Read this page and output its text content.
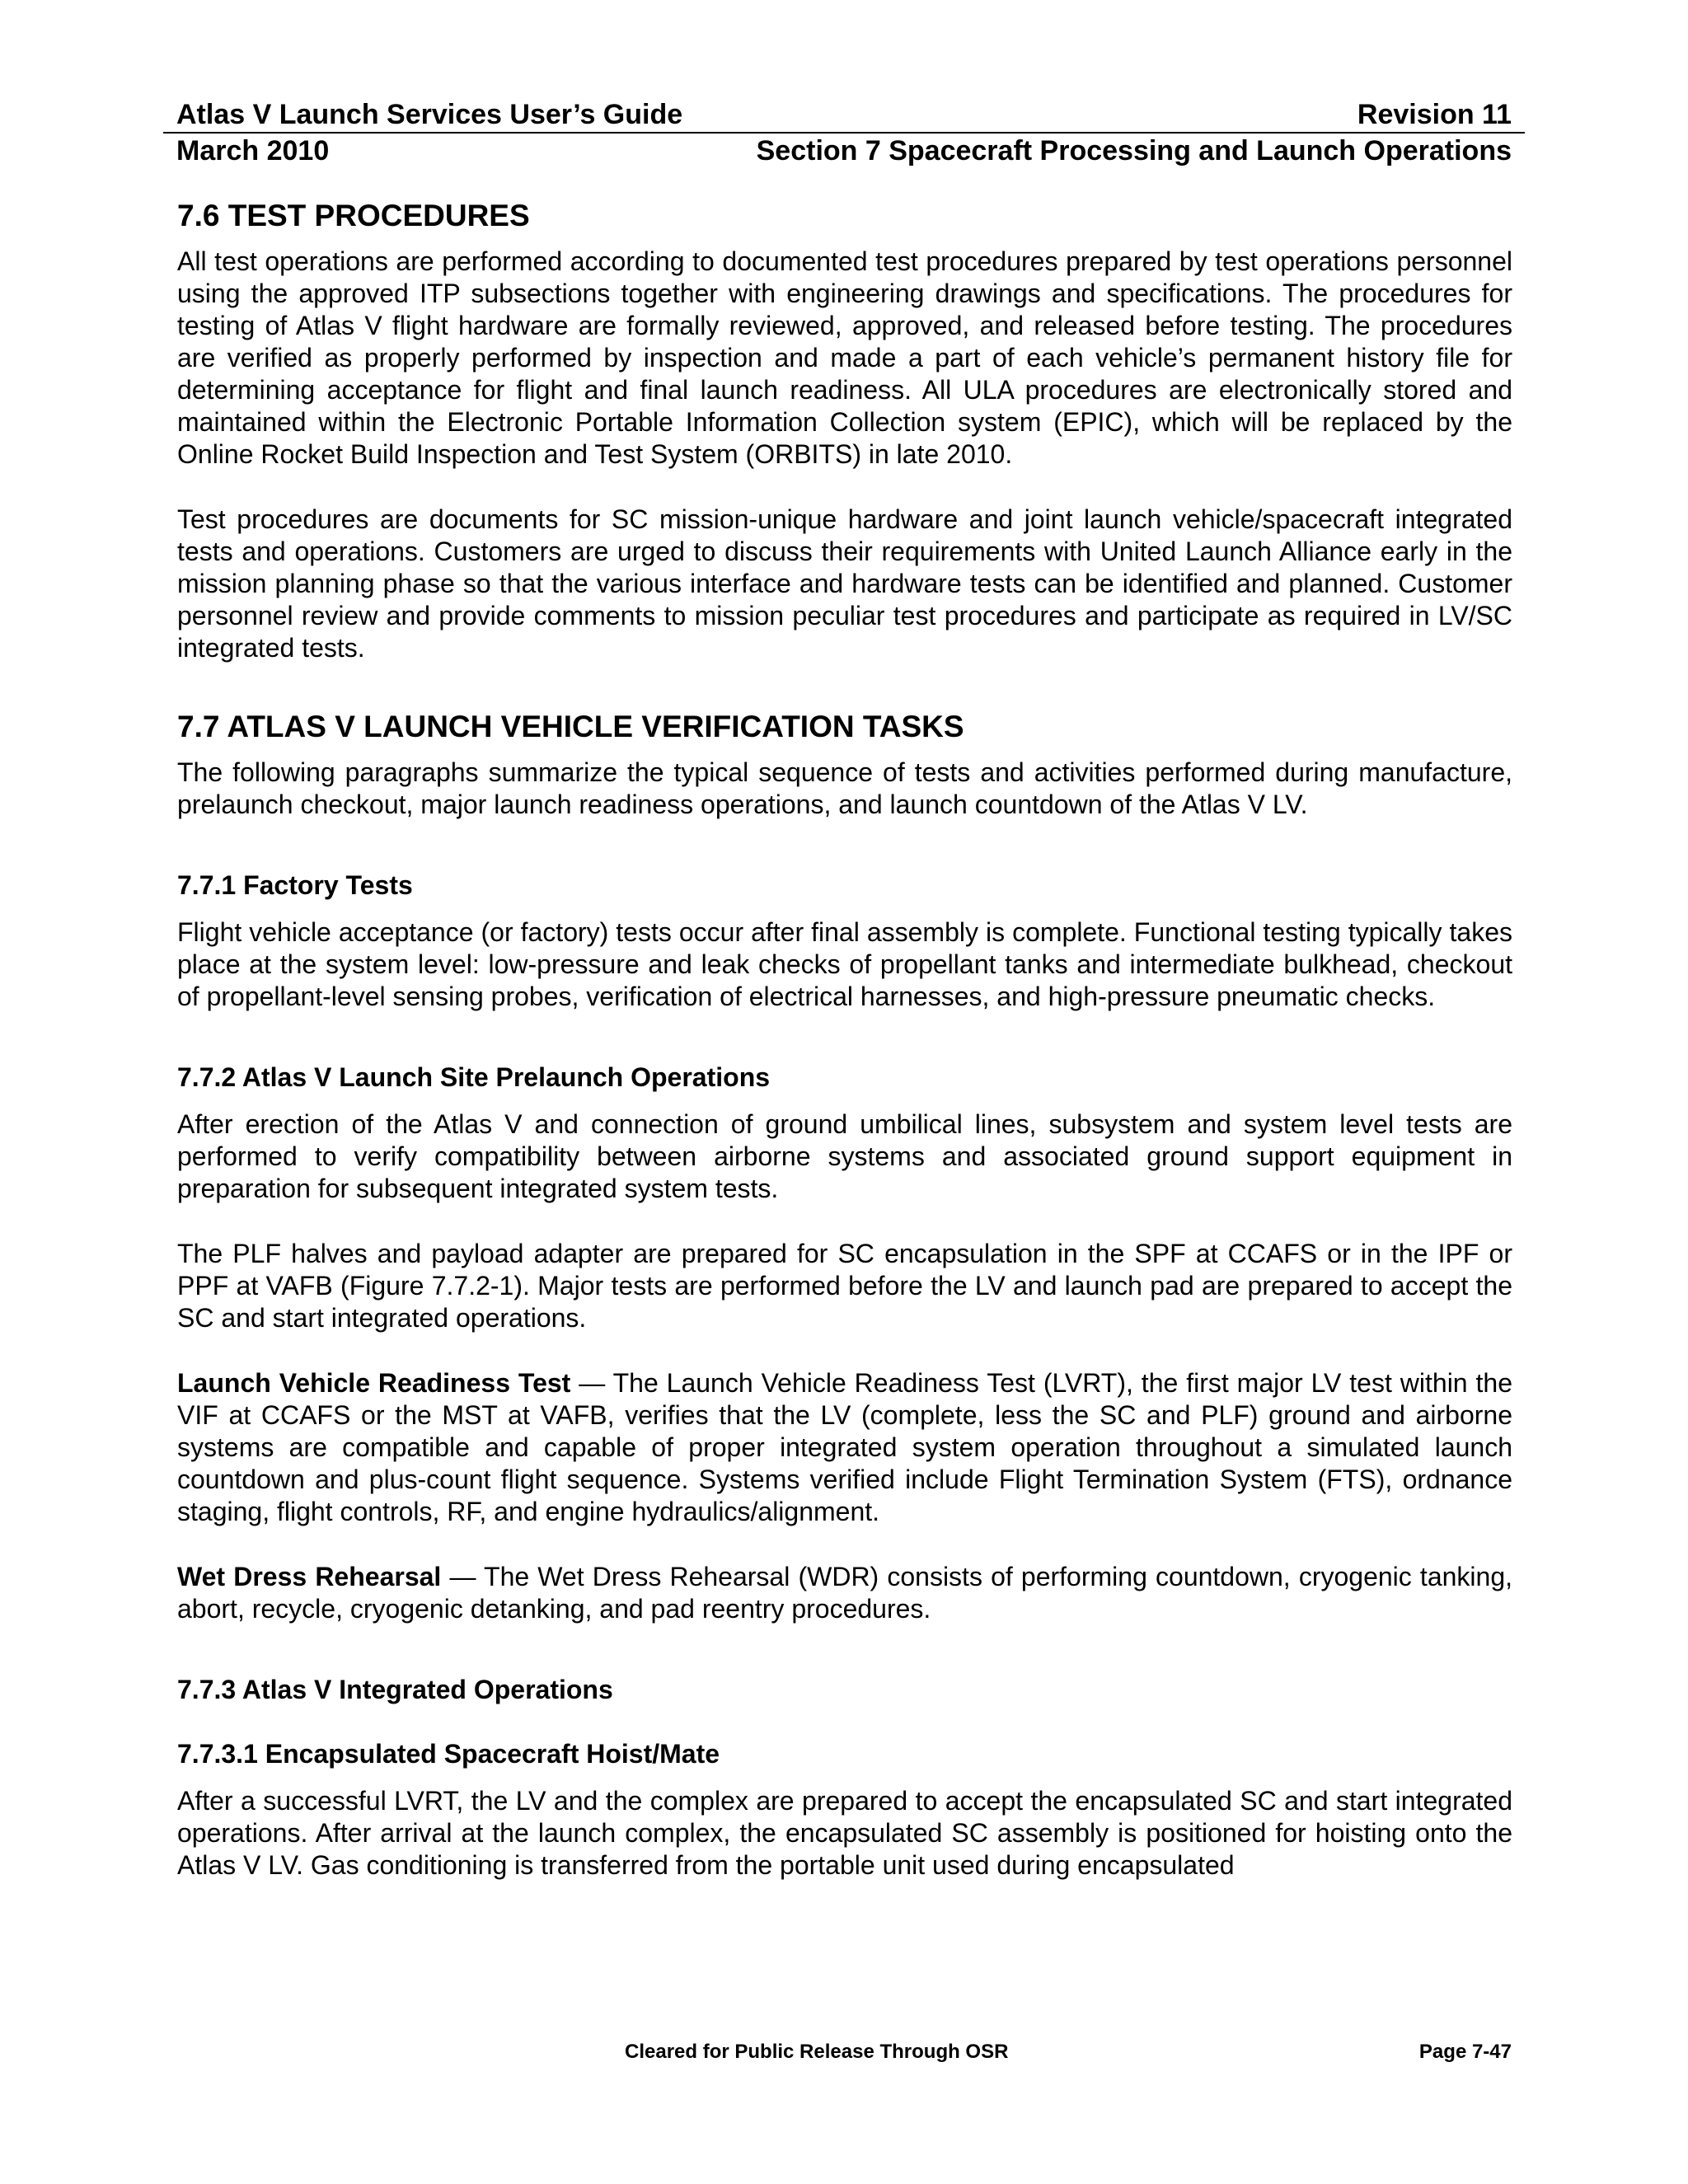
Atlas V Launch Services User’s Guide	Revision 11
March 2010	Section 7 Spacecraft Processing and Launch Operations
7.6 TEST PROCEDURES

All test operations are performed according to documented test procedures prepared by test operations personnel using the approved ITP subsections together with engineering drawings and specifications. The procedures for testing of Atlas V flight hardware are formally reviewed, approved, and released before testing. The procedures are verified as properly performed by inspection and made a part of each vehicle’s permanent history file for determining acceptance for flight and final launch readiness. All ULA procedures are electronically stored and maintained within the Electronic Portable Information Collection system (EPIC), which will be replaced by the Online Rocket Build Inspection and Test System (ORBITS) in late 2010.

Test procedures are documents for SC mission-unique hardware and joint launch vehicle/spacecraft integrated tests and operations. Customers are urged to discuss their requirements with United Launch Alliance early in the mission planning phase so that the various interface and hardware tests can be identified and planned. Customer personnel review and provide comments to mission peculiar test procedures and participate as required in LV/SC integrated tests.

7.7 ATLAS V LAUNCH VEHICLE VERIFICATION TASKS

The following paragraphs summarize the typical sequence of tests and activities performed during manufacture, prelaunch checkout, major launch readiness operations, and launch countdown of the Atlas V LV.

7.7.1 Factory Tests

Flight vehicle acceptance (or factory) tests occur after final assembly is complete. Functional testing typically takes place at the system level: low-pressure and leak checks of propellant tanks and intermediate bulkhead, checkout of propellant-level sensing probes, verification of electrical harnesses, and high-pressure pneumatic checks.

7.7.2 Atlas V Launch Site Prelaunch Operations

After erection of the Atlas V and connection of ground umbilical lines, subsystem and system level tests are performed to verify compatibility between airborne systems and associated ground support equipment in preparation for subsequent integrated system tests.

The PLF halves and payload adapter are prepared for SC encapsulation in the SPF at CCAFS or in the IPF or PPF at VAFB (Figure 7.7.2-1). Major tests are performed before the LV and launch pad are prepared to accept the SC and start integrated operations.

Launch Vehicle Readiness Test — The Launch Vehicle Readiness Test (LVRT), the first major LV test within the VIF at CCAFS or the MST at VAFB, verifies that the LV (complete, less the SC and PLF) ground and airborne systems are compatible and capable of proper integrated system operation throughout a simulated launch countdown and plus-count flight sequence. Systems verified include Flight Termination System (FTS), ordnance staging, flight controls, RF, and engine hydraulics/alignment.

Wet Dress Rehearsal — The Wet Dress Rehearsal (WDR) consists of performing countdown, cryogenic tanking, abort, recycle, cryogenic detanking, and pad reentry procedures.

7.7.3 Atlas V Integrated Operations
7.7.3.1 Encapsulated Spacecraft Hoist/Mate

After a successful LVRT, the LV and the complex are prepared to accept the encapsulated SC and start integrated operations. After arrival at the launch complex, the encapsulated SC assembly is positioned for hoisting onto the Atlas V LV. Gas conditioning is transferred from the portable unit used during encapsulated

Cleared for Public Release Through OSR	Page 7-47
